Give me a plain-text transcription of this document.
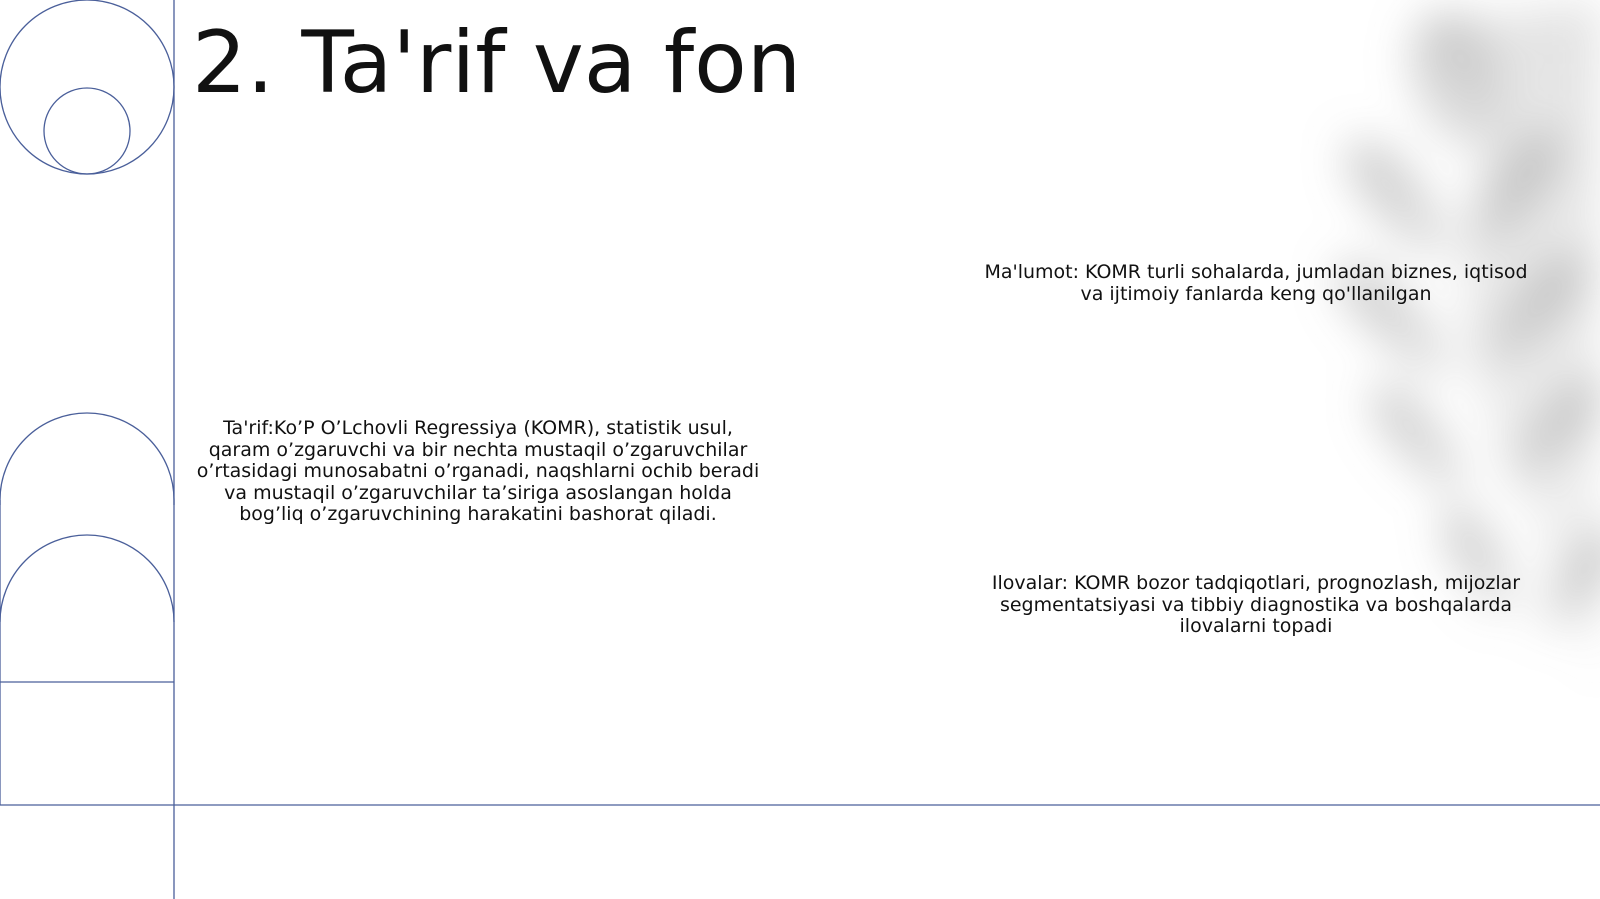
2. Ta'rif va fon

Ta'rif:Ko’P O’Lchovli Regressiya (KOMR), statistik usul, qaram o’zgaruvchi va bir nechta mustaqil o’zgaruvchilar o’rtasidagi munosabatni o’rganadi, naqshlarni ochib beradi va mustaqil o’zgaruvchilar ta’siriga asoslangan holda bog’liq o’zgaruvchining harakatini bashorat qiladi.

Ma'lumot: KOMR turli sohalarda, jumladan biznes, iqtisod va ijtimoiy fanlarda keng qo'llanilgan

Ilovalar: KOMR bozor tadqiqotlari, prognozlash, mijozlar segmentatsiyasi va tibbiy diagnostika va boshqalarda ilovalarni topadi
